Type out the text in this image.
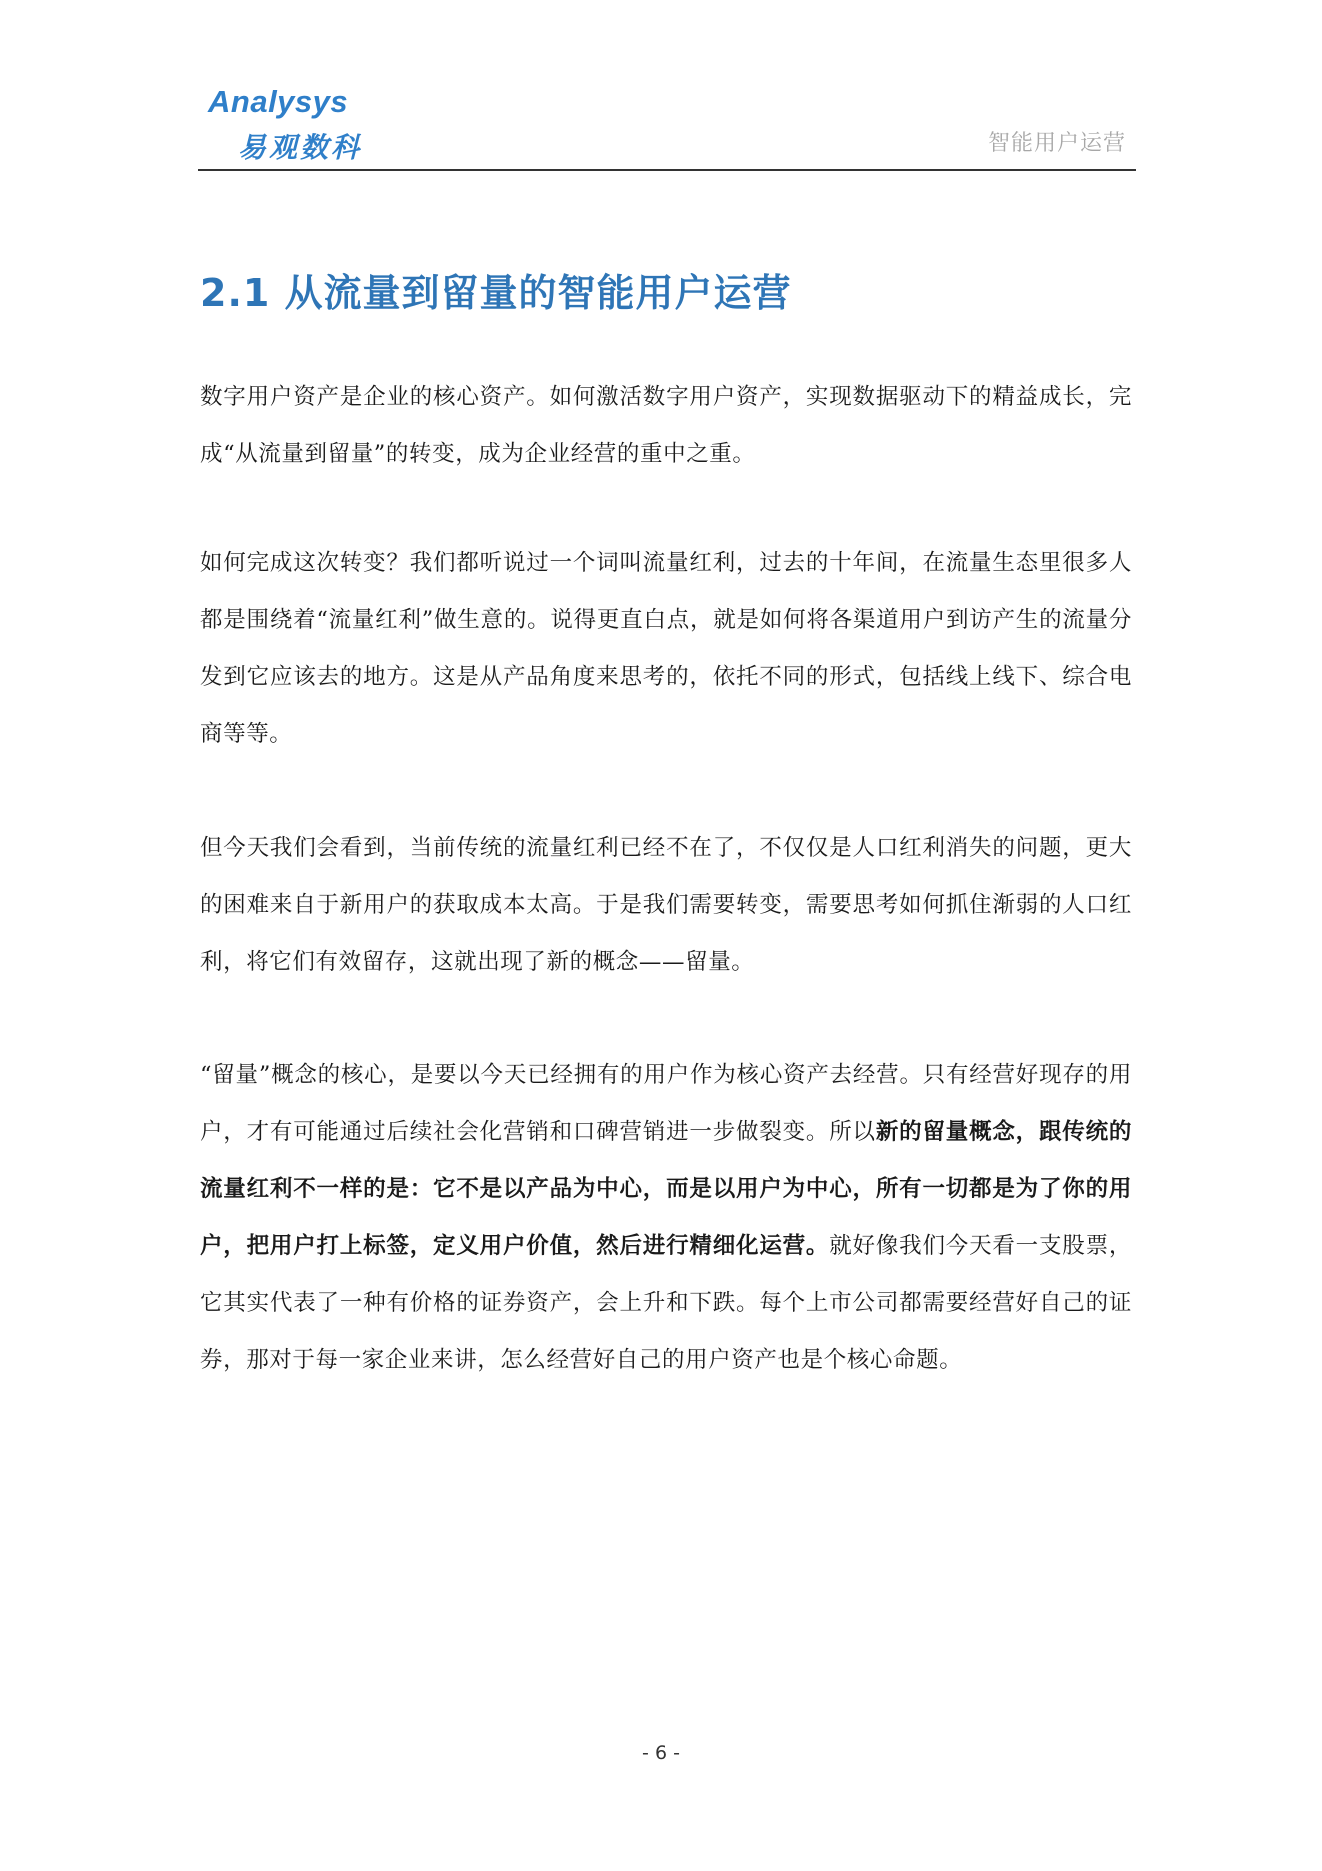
Analysys
易观数科	智能用户运营
2.1 从流量到留量的智能用户运营

数字用户资产是企业的核心资产。如何激活数字用户资产，实现数据驱动下的精益成长，完成“从流量到留量”的转变，成为企业经营的重中之重。

如何完成这次转变？我们都听说过一个词叫流量红利，过去的十年间，在流量生态里很多人都是围绕着“流量红利”做生意的。说得更直白点，就是如何将各渠道用户到访产生的流量分发到它应该去的地方。这是从产品角度来思考的，依托不同的形式，包括线上线下、综合电商等等。

但今天我们会看到，当前传统的流量红利已经不在了，不仅仅是人口红利消失的问题，更大的困难来自于新用户的获取成本太高。于是我们需要转变，需要思考如何抓住渐弱的人口红利，将它们有效留存，这就出现了新的概念——留量。

“留量”概念的核心，是要以今天已经拥有的用户作为核心资产去经营。只有经营好现存的用户，才有可能通过后续社会化营销和口碑营销进一步做裂变。所以新的留量概念，跟传统的流量红利不一样的是：它不是以产品为中心，而是以用户为中心，所有一切都是为了你的用户，把用户打上标签，定义用户价值，然后进行精细化运营。就好像我们今天看一支股票，它其实代表了一种有价格的证券资产，会上升和下跌。每个上市公司都需要经营好自己的证券，那对于每一家企业来讲，怎么经营好自己的用户资产也是个核心命题。

- 6 -
